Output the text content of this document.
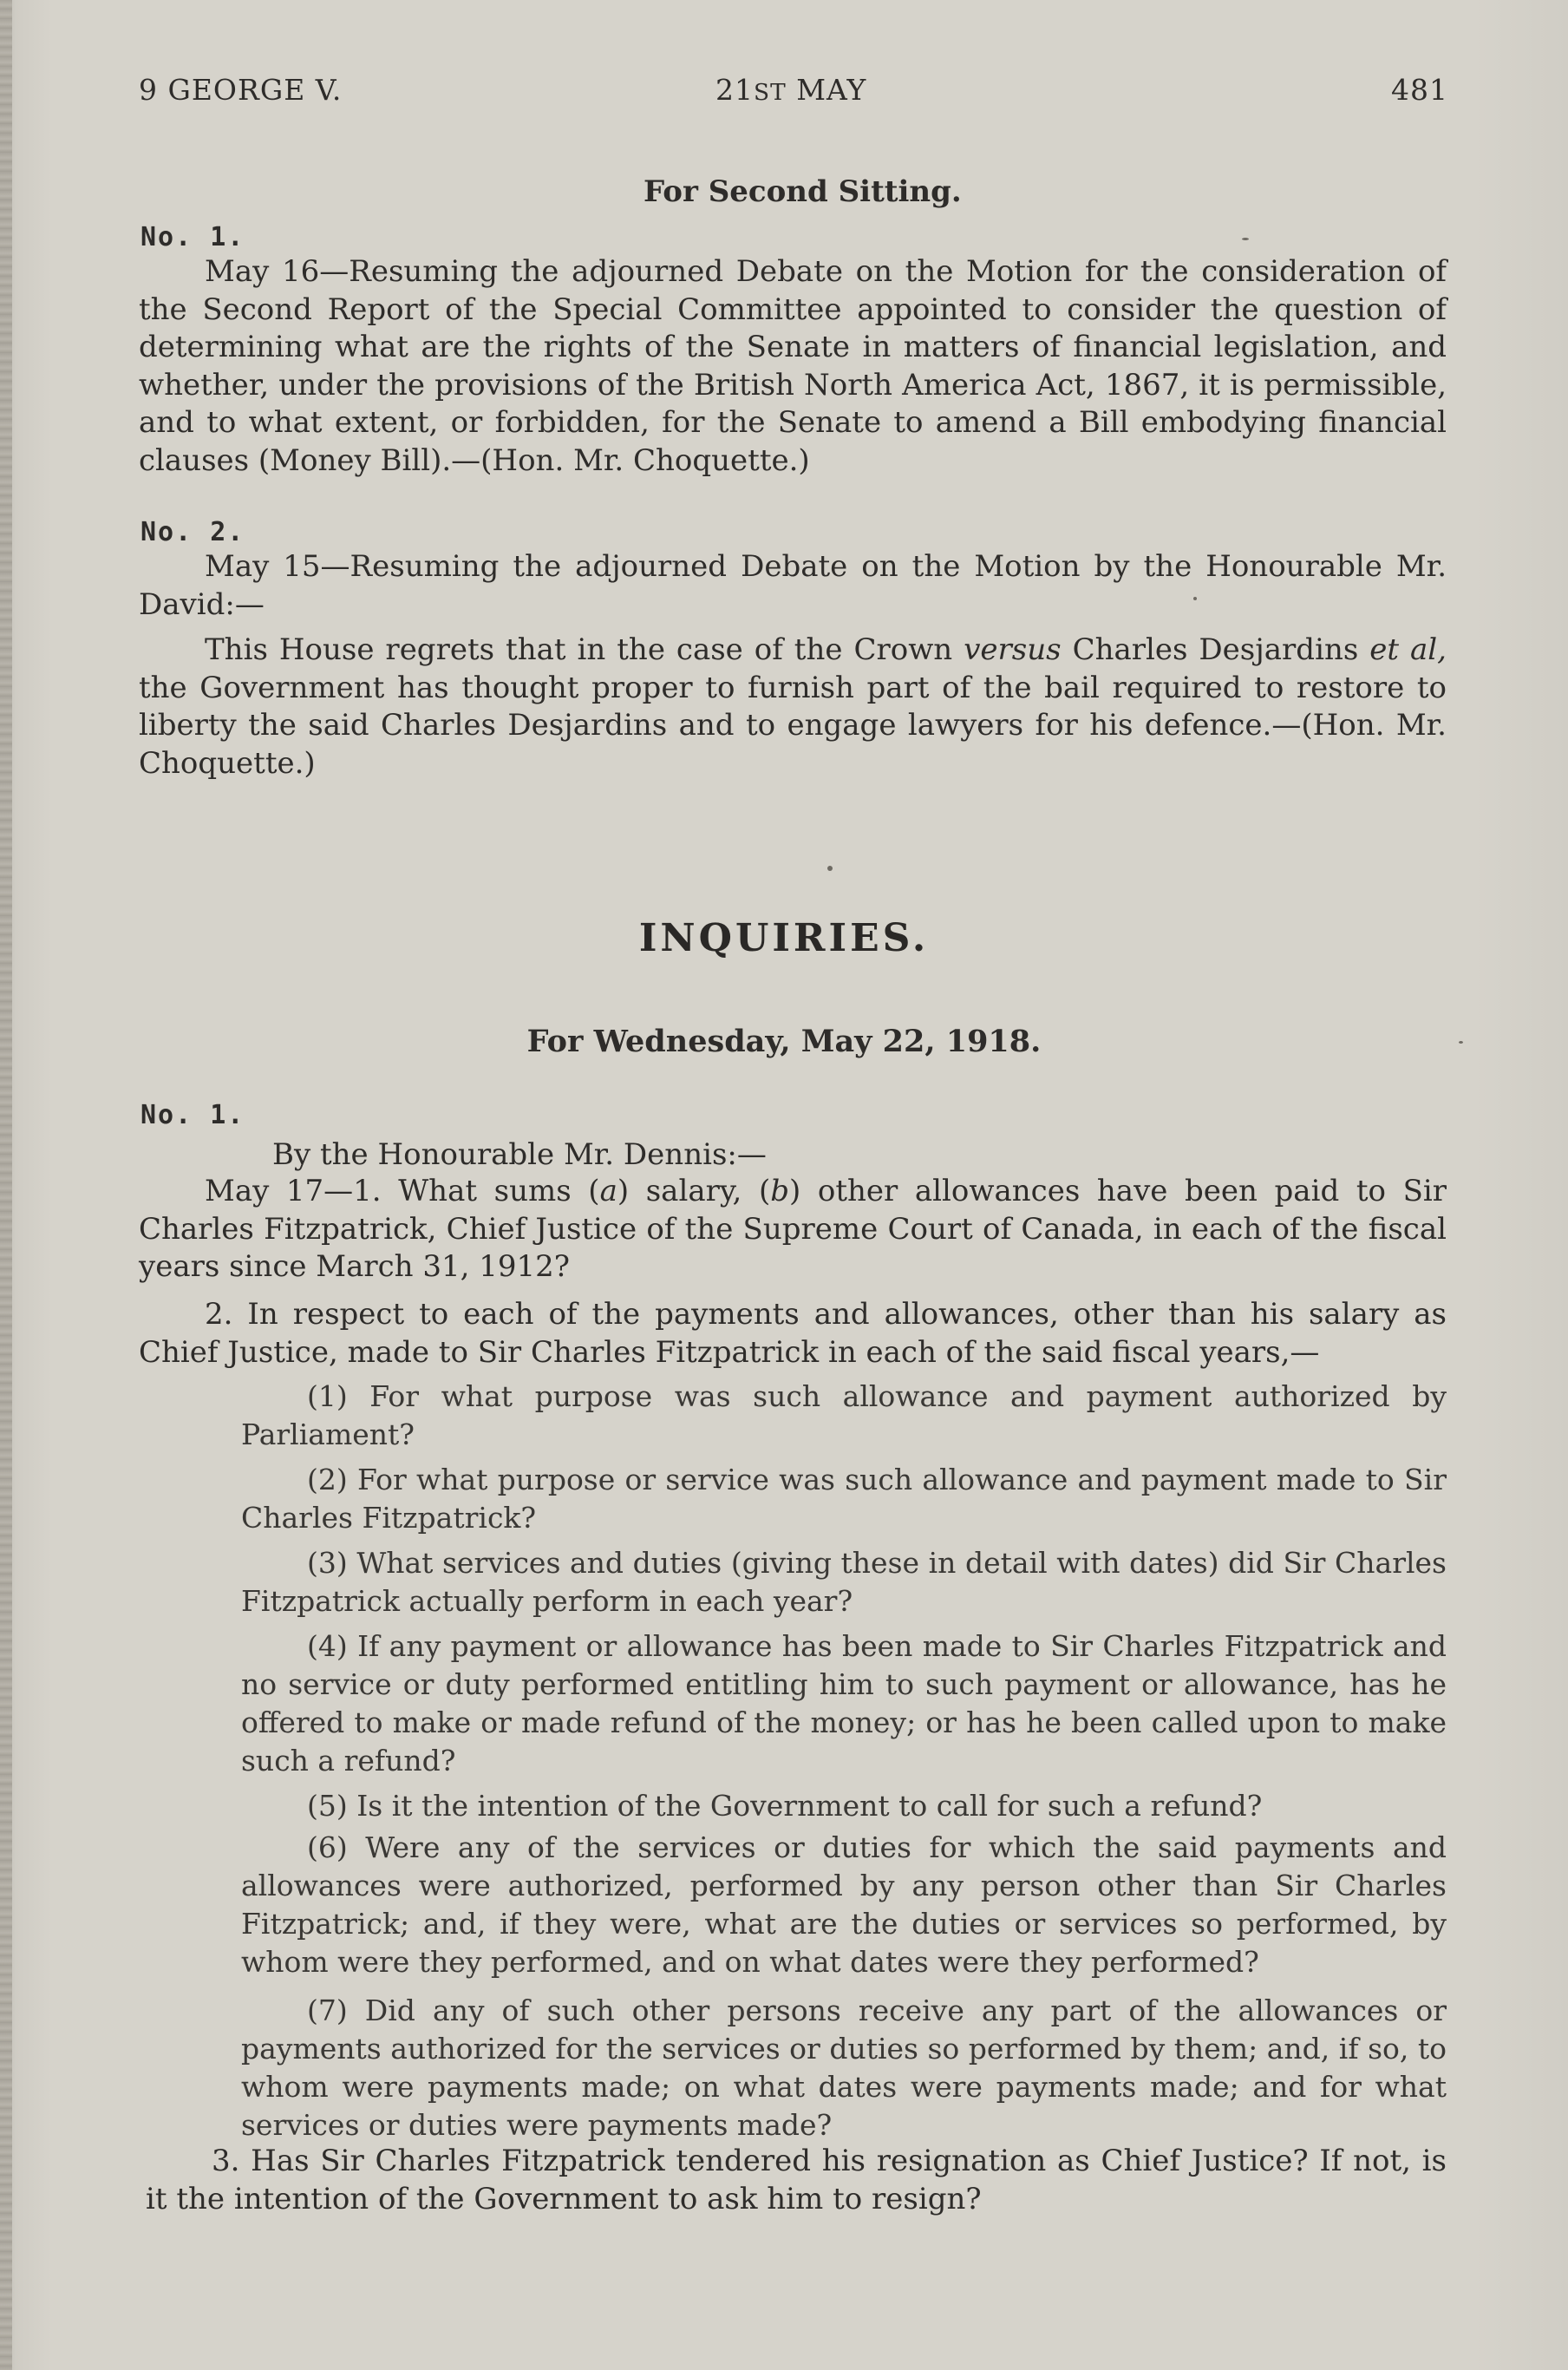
9 GEORGE V.	21ST MAY	481
For Second Sitting.
No. 1.
May 16—Resuming the adjourned Debate on the Motion for the consideration of the Second Report of the Special Committee appointed to consider the question of determining what are the rights of the Senate in matters of financial legislation, and whether, under the provisions of the British North America Act, 1867, it is permissible, and to what extent, or forbidden, for the Senate to amend a Bill embodying financial clauses (Money Bill).—(Hon. Mr. Choquette.)
No. 2.
May 15—Resuming the adjourned Debate on the Motion by the Honourable Mr. David:—
This House regrets that in the case of the Crown versus Charles Desjardins et al, the Government has thought proper to furnish part of the bail required to restore to liberty the said Charles Desjardins and to engage lawyers for his defence.—(Hon. Mr. Choquette.)
INQUIRIES.
For Wednesday, May 22, 1918.
No. 1.
By the Honourable Mr. Dennis:—
May 17—1. What sums (a) salary, (b) other allowances have been paid to Sir Charles Fitzpatrick, Chief Justice of the Supreme Court of Canada, in each of the fiscal years since March 31, 1912?
2. In respect to each of the payments and allowances, other than his salary as Chief Justice, made to Sir Charles Fitzpatrick in each of the said fiscal years,—
(1) For what purpose was such allowance and payment authorized by Parliament?
(2) For what purpose or service was such allowance and payment made to Sir Charles Fitzpatrick?
(3) What services and duties (giving these in detail with dates) did Sir Charles Fitzpatrick actually perform in each year?
(4) If any payment or allowance has been made to Sir Charles Fitzpatrick and no service or duty performed entitling him to such payment or allowance, has he offered to make or made refund of the money; or has he been called upon to make such a refund?
(5) Is it the intention of the Government to call for such a refund?
(6) Were any of the services or duties for which the said payments and allowances were authorized, performed by any person other than Sir Charles Fitzpatrick; and, if they were, what are the duties or services so performed, by whom were they performed, and on what dates were they performed?
(7) Did any of such other persons receive any part of the allowances or payments authorized for the services or duties so performed by them; and, if so, to whom were payments made; on what dates were payments made; and for what services or duties were payments made?
3. Has Sir Charles Fitzpatrick tendered his resignation as Chief Justice? If not, is it the intention of the Government to ask him to resign?
